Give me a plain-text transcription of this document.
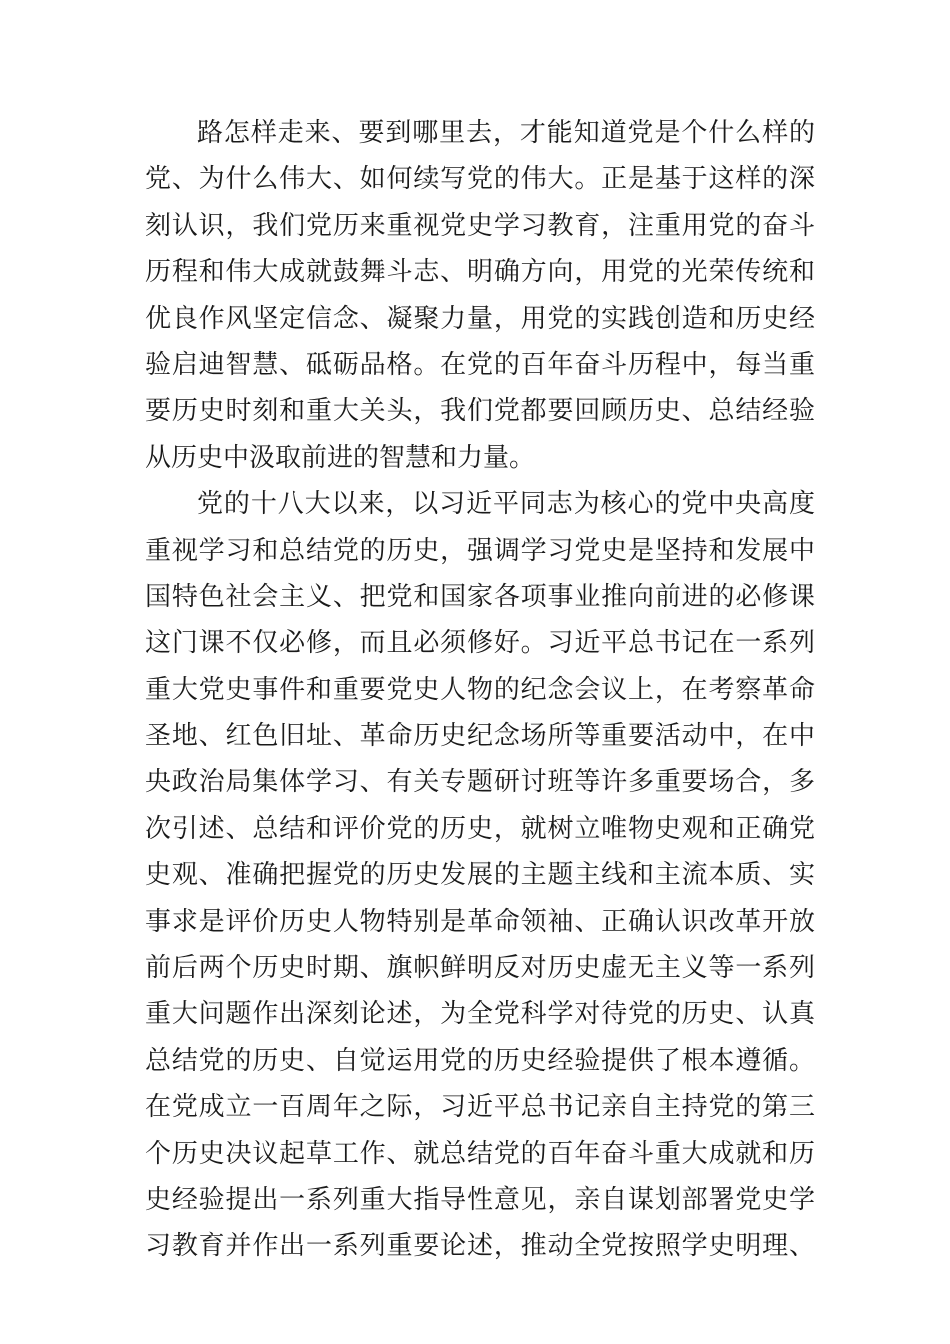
路怎样走来、要到哪里去，才能知道党是个什么样的
党、为什么伟大、如何续写党的伟大。正是基于这样的深
刻认识，我们党历来重视党史学习教育，注重用党的奋斗
历程和伟大成就鼓舞斗志、明确方向，用党的光荣传统和
优良作风坚定信念、凝聚力量，用党的实践创造和历史经
验启迪智慧、砥砺品格。在党的百年奋斗历程中，每当重
要历史时刻和重大关头，我们党都要回顾历史、总结经验
从历史中汲取前进的智慧和力量。
党的十八大以来，以习近平同志为核心的党中央高度
重视学习和总结党的历史，强调学习党史是坚持和发展中
国特色社会主义、把党和国家各项事业推向前进的必修课
这门课不仅必修，而且必须修好。习近平总书记在一系列
重大党史事件和重要党史人物的纪念会议上，在考察革命
圣地、红色旧址、革命历史纪念场所等重要活动中，在中
央政治局集体学习、有关专题研讨班等许多重要场合，多
次引述、总结和评价党的历史，就树立唯物史观和正确党
史观、准确把握党的历史发展的主题主线和主流本质、实
事求是评价历史人物特别是革命领袖、正确认识改革开放
前后两个历史时期、旗帜鲜明反对历史虚无主义等一系列
重大问题作出深刻论述，为全党科学对待党的历史、认真
总结党的历史、自觉运用党的历史经验提供了根本遵循。
在党成立一百周年之际，习近平总书记亲自主持党的第三
个历史决议起草工作、就总结党的百年奋斗重大成就和历
史经验提出一系列重大指导性意见，亲自谋划部署党史学
习教育并作出一系列重要论述，推动全党按照学史明理、
